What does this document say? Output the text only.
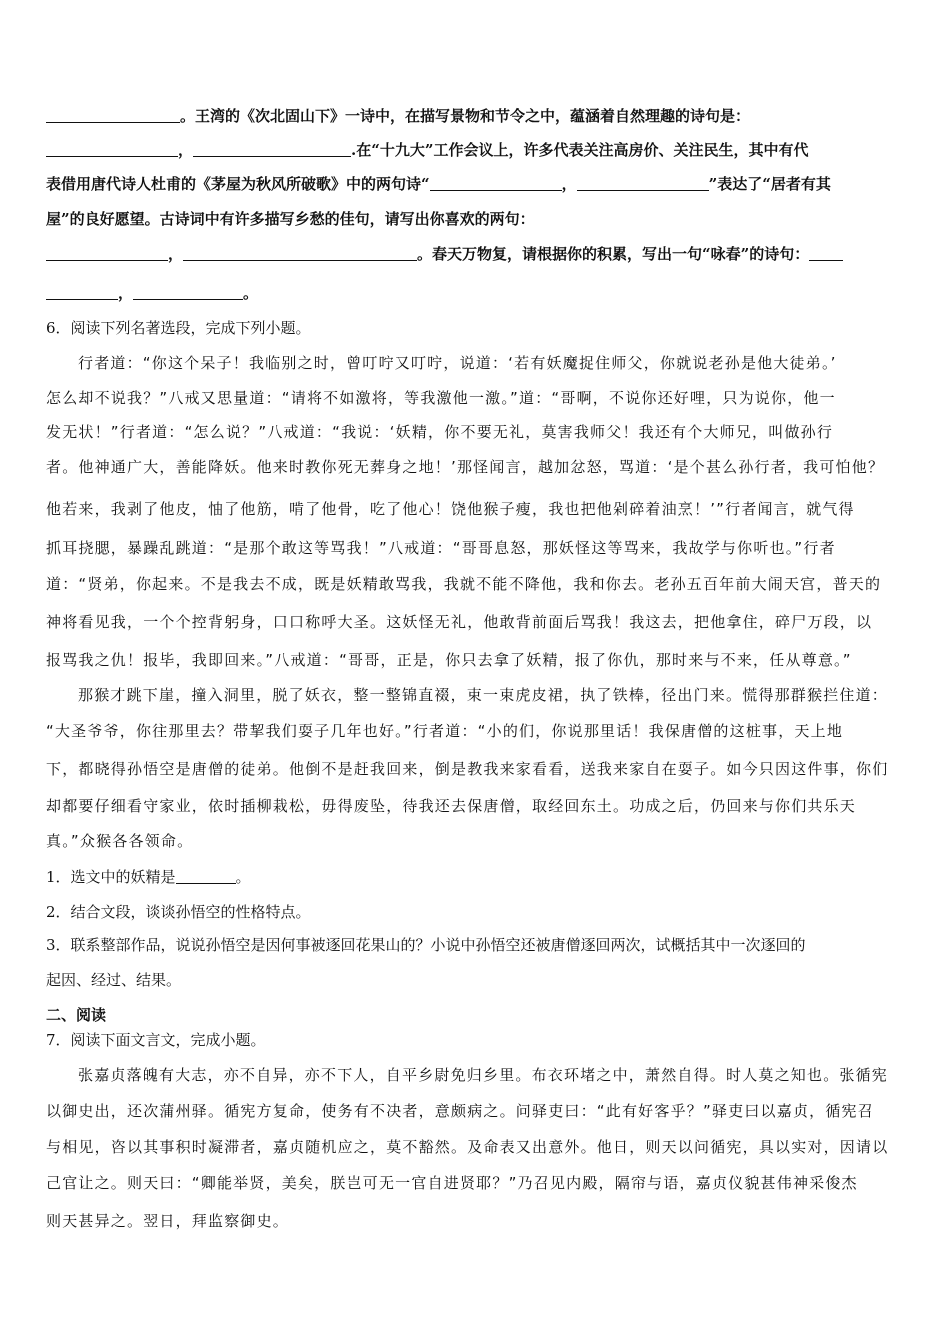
。王湾的《次北固山下》一诗中，在描写景物和节令之中，蕴涵着自然理趣的诗句是：
，	.在“十九大”工作会议上，许多代表关注高房价、关注民生，其中有代
表借用唐代诗人杜甫的《茅屋为秋风所破歌》中的两句诗“	，	”表达了“居者有其
屋”的良好愿望。古诗词中有许多描写乡愁的佳句，请写出你喜欢的两句：
，	。春天万物复，请根据你的积累，写出一句“咏春”的诗句：
，	。
6．阅读下列名著选段，完成下列小题。
行者道：“你这个呆子！我临别之时，曾叮咛又叮咛，说道：‘若有妖魔捉住师父，你就说老孙是他大徒弟。’
怎么却不说我？”八戒又思量道：“请将不如激将，等我激他一激。”道：“哥啊，不说你还好哩，只为说你，他一
发无状！”行者道：“怎么说？”八戒道：“我说：‘妖精，你不要无礼，莫害我师父！我还有个大师兄，叫做孙行
者。他神通广大，善能降妖。他来时教你死无葬身之地！’那怪闻言，越加忿怒，骂道：‘是个甚么孙行者，我可怕他？
他若来，我剥了他皮，怞了他筋，啃了他骨，吃了他心！饶他猴子瘦，我也把他剁碎着油烹！’”行者闻言，就气得
抓耳挠腮，暴躁乱跳道：“是那个敢这等骂我！”八戒道：“哥哥息怒，那妖怪这等骂来，我故学与你听也。”行者
道：“贤弟，你起来。不是我去不成，既是妖精敢骂我，我就不能不降他，我和你去。老孙五百年前大闹天宫，普天的
神将看见我，一个个控背躬身，口口称呼大圣。这妖怪无礼，他敢背前面后骂我！我这去，把他拿住，碎尸万段，以
报骂我之仇！报毕，我即回来。”八戒道：“哥哥，正是，你只去拿了妖精，报了你仇，那时来与不来，任从尊意。”
那猴才跳下崖，撞入洞里，脱了妖衣，整一整锦直裰，束一束虎皮裙，执了铁棒，径出门来。慌得那群猴拦住道：
“大圣爷爷，你往那里去？带挈我们耍子几年也好。”行者道：“小的们，你说那里话！我保唐僧的这桩事，天上地
下，都晓得孙悟空是唐僧的徒弟。他倒不是赶我回来，倒是教我来家看看，送我来家自在耍子。如今只因这件事，你们
却都要仔细看守家业，依时插柳栽松，毋得废坠，待我还去保唐僧，取经回东土。功成之后，仍回来与你们共乐天
真。”众猴各各领命。
1．选文中的妖精是	。
2．结合文段，谈谈孙悟空的性格特点。
3．联系整部作品，说说孙悟空是因何事被逐回花果山的？小说中孙悟空还被唐僧逐回两次，试概括其中一次逐回的
起因、经过、结果。
二、阅读
7．阅读下面文言文，完成小题。
张嘉贞落魄有大志，亦不自异，亦不下人，自平乡尉免归乡里。布衣环堵之中，萧然自得。时人莫之知也。张循宪
以御史出，还次蒲州驿。循宪方复命，使务有不决者，意颇病之。问驿吏曰：“此有好客乎？”驿吏曰以嘉贞，循宪召
与相见，咨以其事积时凝滞者，嘉贞随机应之，莫不豁然。及命表又出意外。他日，则天以问循宪，具以实对，因请以
己官让之。则天曰：“卿能举贤，美矣，朕岂可无一官自进贤耶？”乃召见内殿，隔帘与语，嘉贞仪貌甚伟神采俊杰
则天甚异之。翌日，拜监察御史。
